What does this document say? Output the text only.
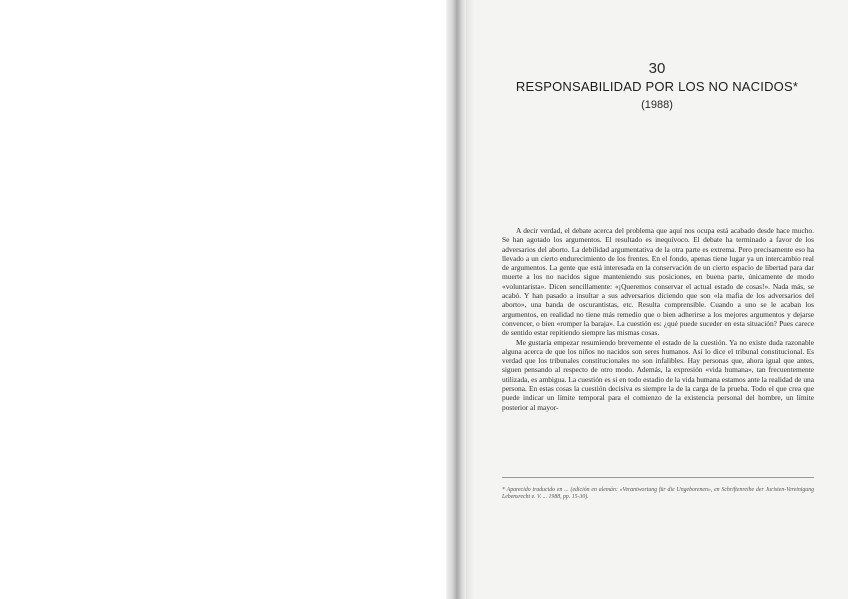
30
RESPONSABILIDAD POR LOS NO NACIDOS*
(1988)

A decir verdad, el debate acerca del problema que aquí nos ocupa está acabado desde hace mucho. Se han agotado los argumentos. El resultado es inequívoco. El debate ha terminado a favor de los adversarios del aborto. La debilidad argumentativa de la otra parte es extrema. Pero precisamente eso ha llevado a un cierto endurecimiento de los frentes. En el fondo, apenas tiene lugar ya un intercambio real de argumentos. La gente que está interesada en la conservación de un cierto espacio de libertad para dar muerte a los no nacidos sigue manteniendo sus posiciones, en buena parte, únicamente de modo «voluntarista». Dicen sencillamente: «¡Queremos conservar el actual estado de cosas!». Nada más, se acabó. Y han pasado a insultar a sus adversarios diciendo que son «la mafia de los adversarios del aborto», una banda de oscurantistas, etc. Resulta comprensible. Cuando a uno se le acaban los argumentos, en realidad no tiene más remedio que o bien adherirse a los mejores argumentos y dejarse convencer, o bien «romper la baraja». La cuestión es: ¿qué puede suceder en esta situación? Pues carece de sentido estar repitiendo siempre las mismas cosas.

Me gustaría empezar resumiendo brevemente el estado de la cuestión. Ya no existe duda razonable alguna acerca de que los niños no nacidos son seres humanos. Así lo dice el tribunal constitucional. Es verdad que los tribunales constitucionales no son infalibles. Hay personas que, ahora igual que antes, siguen pensando al respecto de otro modo. Además, la expresión «vida humana», tan frecuentemente utilizada, es ambigua. La cuestión es si en todo estadio de la vida humana estamos ante la realidad de una persona. En estas cosas la cuestión decisiva es siempre la de la carga de la prueba. Todo el que crea que puede indicar un límite temporal para el comienzo de la existencia personal del hombre, un límite posterior al mayor-

* Aparecido traducido en ... (edición en alemán: «Verantwortung für die Ungeborenen», en Schriftenreihe der Juristen-Vereinigung Lebensrecht e. V. ... 1988, pp. 15-30).
